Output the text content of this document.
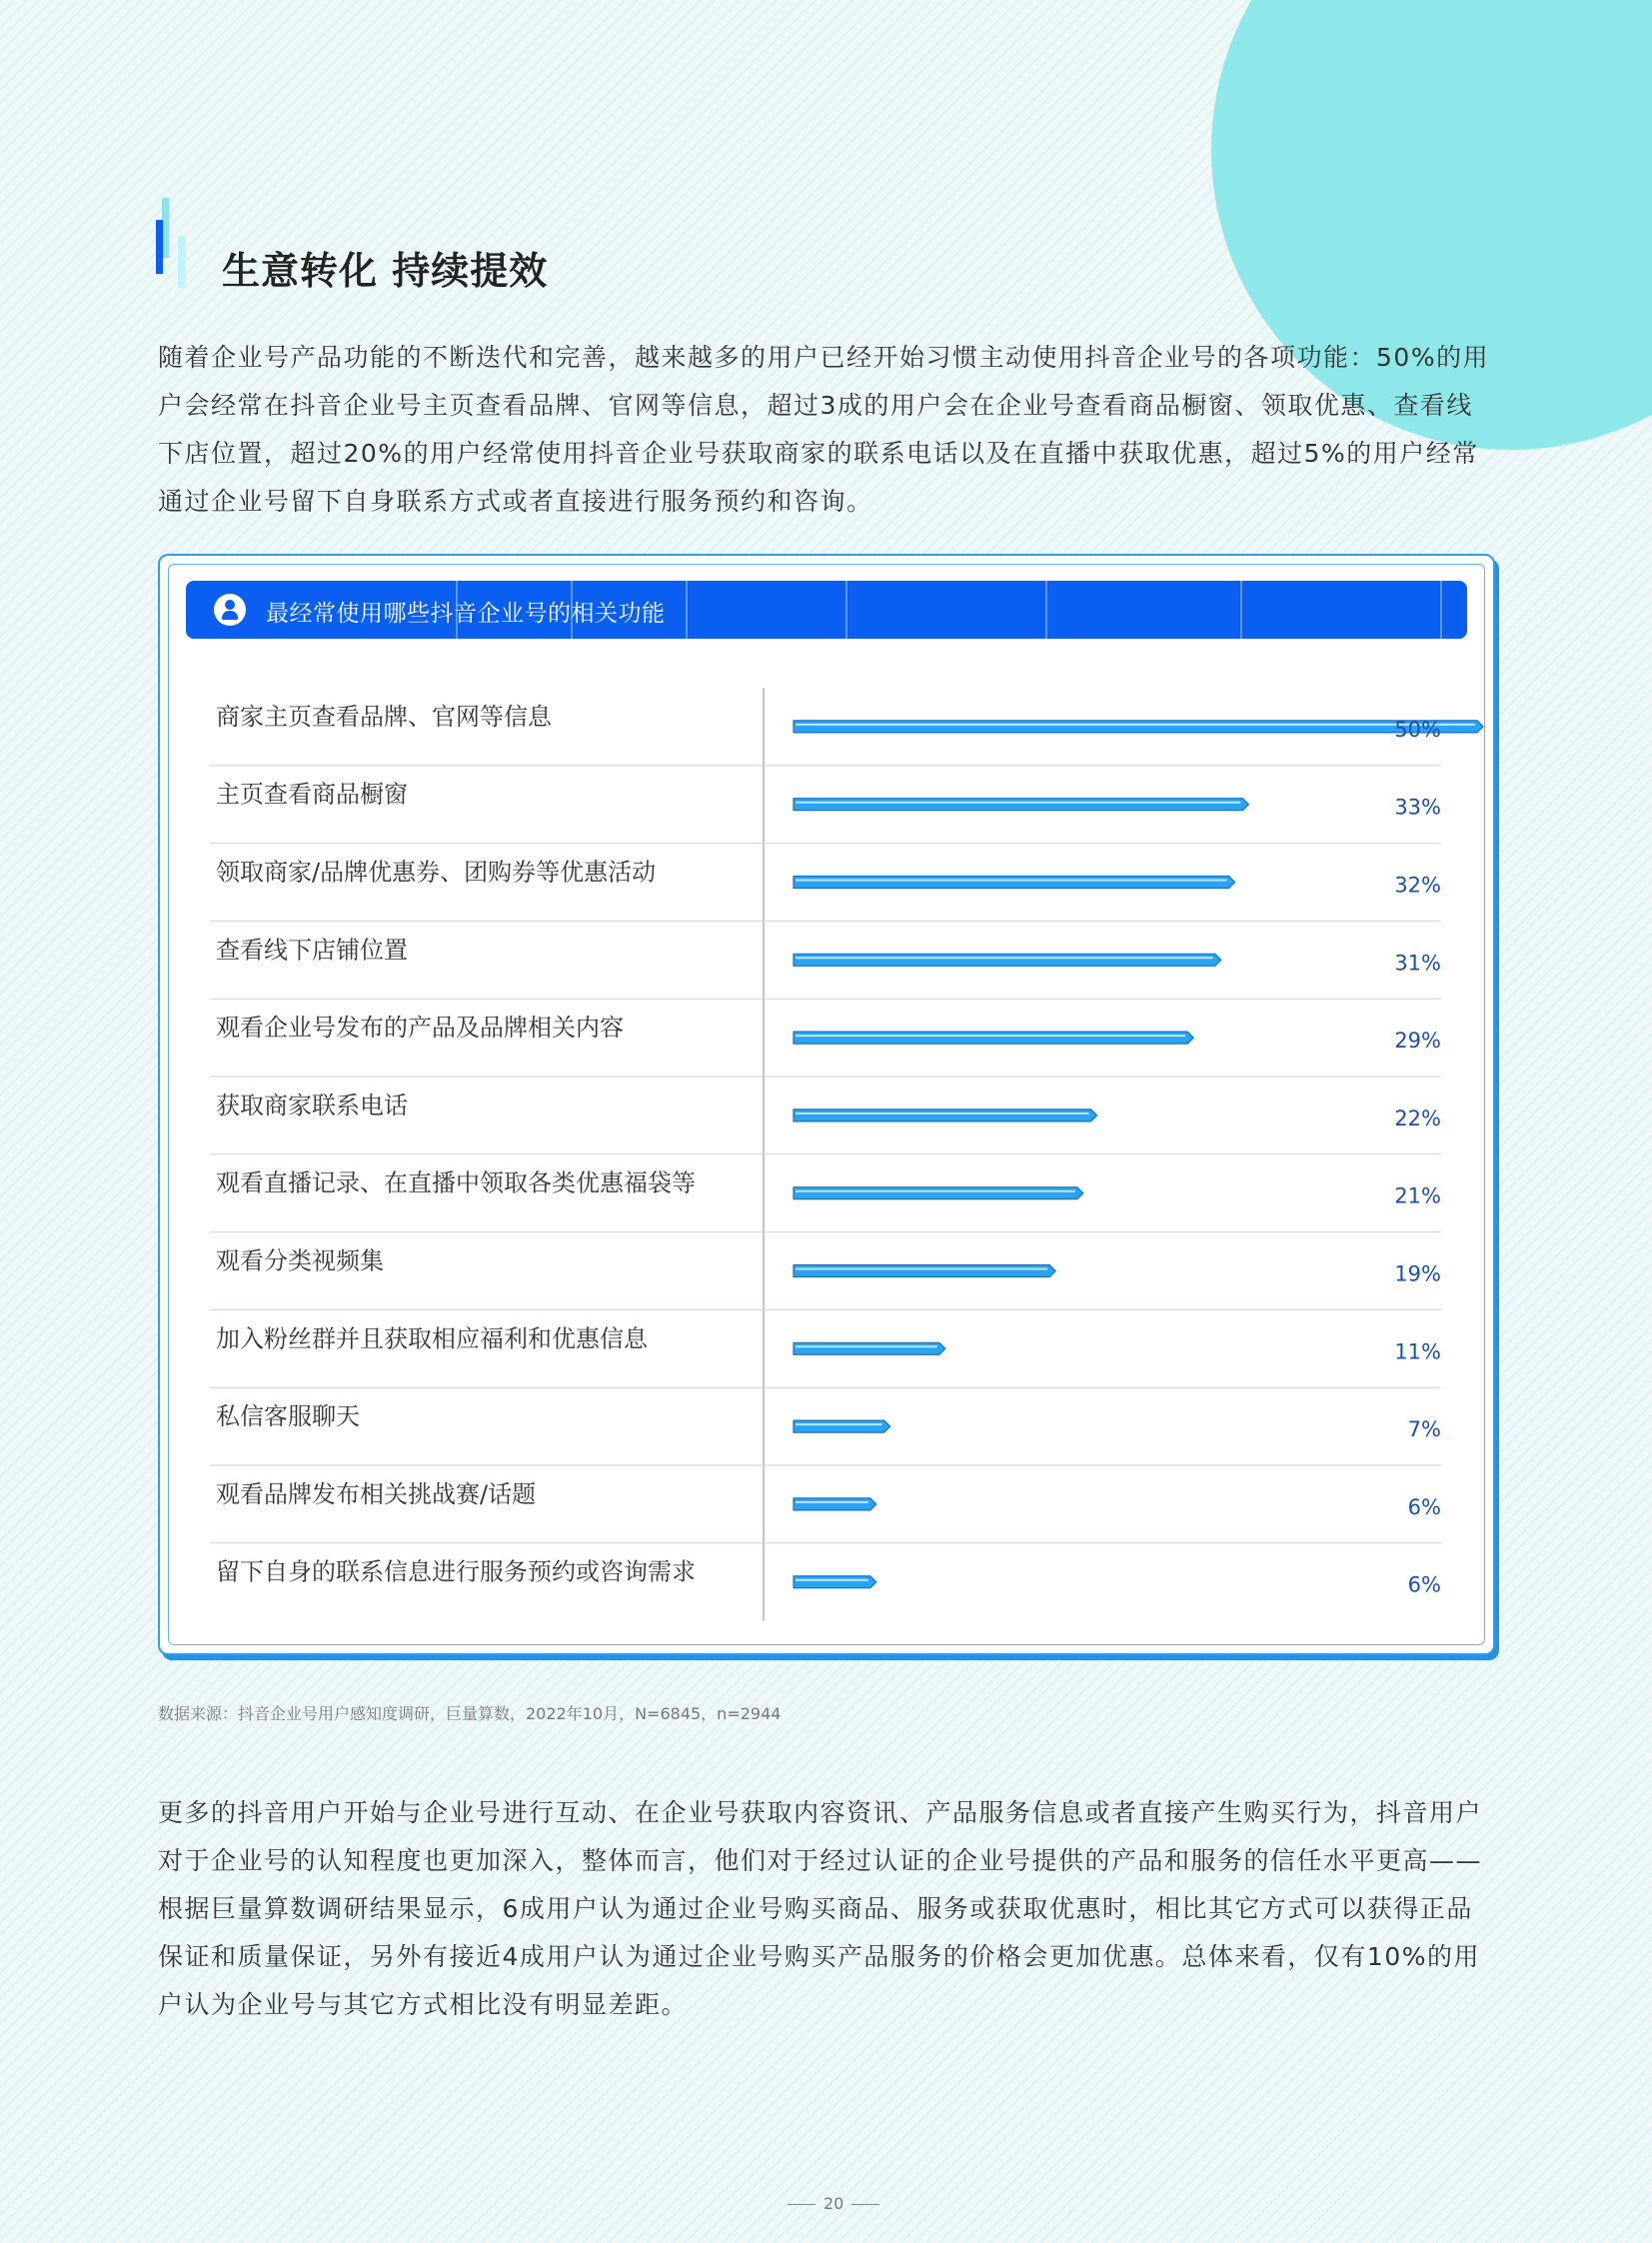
生意转化 持续提效

随着企业号产品功能的不断迭代和完善，越来越多的用户已经开始习惯主动使用抖音企业号的各项功能：50%的用户会经常在抖音企业号主页查看品牌、官网等信息，超过3成的用户会在企业号查看商品橱窗、领取优惠、查看线下店位置，超过20%的用户经常使用抖音企业号获取商家的联系电话以及在直播中获取优惠，超过5%的用户经常通过企业号留下自身联系方式或者直接进行服务预约和咨询。

最经常使用哪些抖音企业号的相关功能

商家主页查看品牌、官网等信息	50%
主页查看商品橱窗	33%
领取商家/品牌优惠券、团购券等优惠活动	32%
查看线下店铺位置	31%
观看企业号发布的产品及品牌相关内容	29%
获取商家联系电话	22%
观看直播记录、在直播中领取各类优惠福袋等	21%
观看分类视频集	19%
加入粉丝群并且获取相应福利和优惠信息	11%
私信客服聊天	7%
观看品牌发布相关挑战赛/话题	6%
留下自身的联系信息进行服务预约或咨询需求	6%

数据来源：抖音企业号用户感知度调研，巨量算数，2022年10月，N=6845，n=2944

更多的抖音用户开始与企业号进行互动、在企业号获取内容资讯、产品服务信息或者直接产生购买行为，抖音用户对于企业号的认知程度也更加深入，整体而言，他们对于经过认证的企业号提供的产品和服务的信任水平更高——根据巨量算数调研结果显示，6成用户认为通过企业号购买商品、服务或获取优惠时，相比其它方式可以获得正品保证和质量保证，另外有接近4成用户认为通过企业号购买产品服务的价格会更加优惠。总体来看，仅有10%的用户认为企业号与其它方式相比没有明显差距。

20
